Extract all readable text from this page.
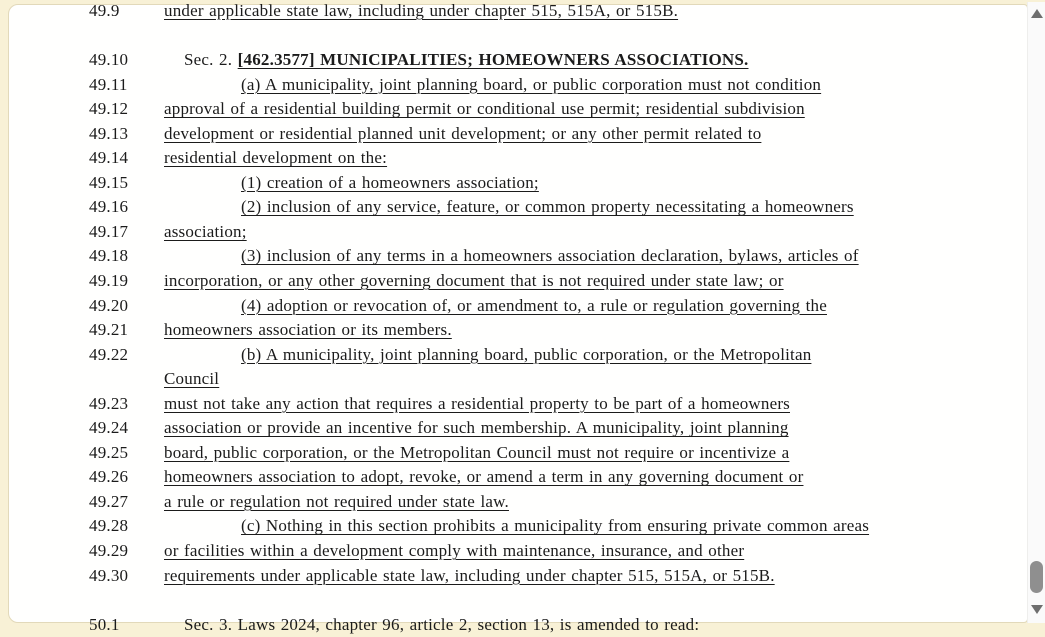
49.9	under applicable state law, including under chapter 515, 515A, or 515B.
49.10	Sec. 2. [462.3577] MUNICIPALITIES; HOMEOWNERS ASSOCIATIONS.
49.11	(a) A municipality, joint planning board, or public corporation must not condition
49.12	approval of a residential building permit or conditional use permit; residential subdivision
49.13	development or residential planned unit development; or any other permit related to
49.14	residential development on the:
49.15	(1) creation of a homeowners association;
49.16	(2) inclusion of any service, feature, or common property necessitating a homeowners
49.17	association;
49.18	(3) inclusion of any terms in a homeowners association declaration, bylaws, articles of
49.19	incorporation, or any other governing document that is not required under state law; or
49.20	(4) adoption or revocation of, or amendment to, a rule or regulation governing the
49.21	homeowners association or its members.
49.22	(b) A municipality, joint planning board, public corporation, or the Metropolitan
Council
49.23	must not take any action that requires a residential property to be part of a homeowners
49.24	association or provide an incentive for such membership. A municipality, joint planning
49.25	board, public corporation, or the Metropolitan Council must not require or incentivize a
49.26	homeowners association to adopt, revoke, or amend a term in any governing document or
49.27	a rule or regulation not required under state law.
49.28	(c) Nothing in this section prohibits a municipality from ensuring private common areas
49.29	or facilities within a development comply with maintenance, insurance, and other
49.30	requirements under applicable state law, including under chapter 515, 515A, or 515B.
50.1	Sec. 3. Laws 2024, chapter 96, article 2, section 13, is amended to read:
